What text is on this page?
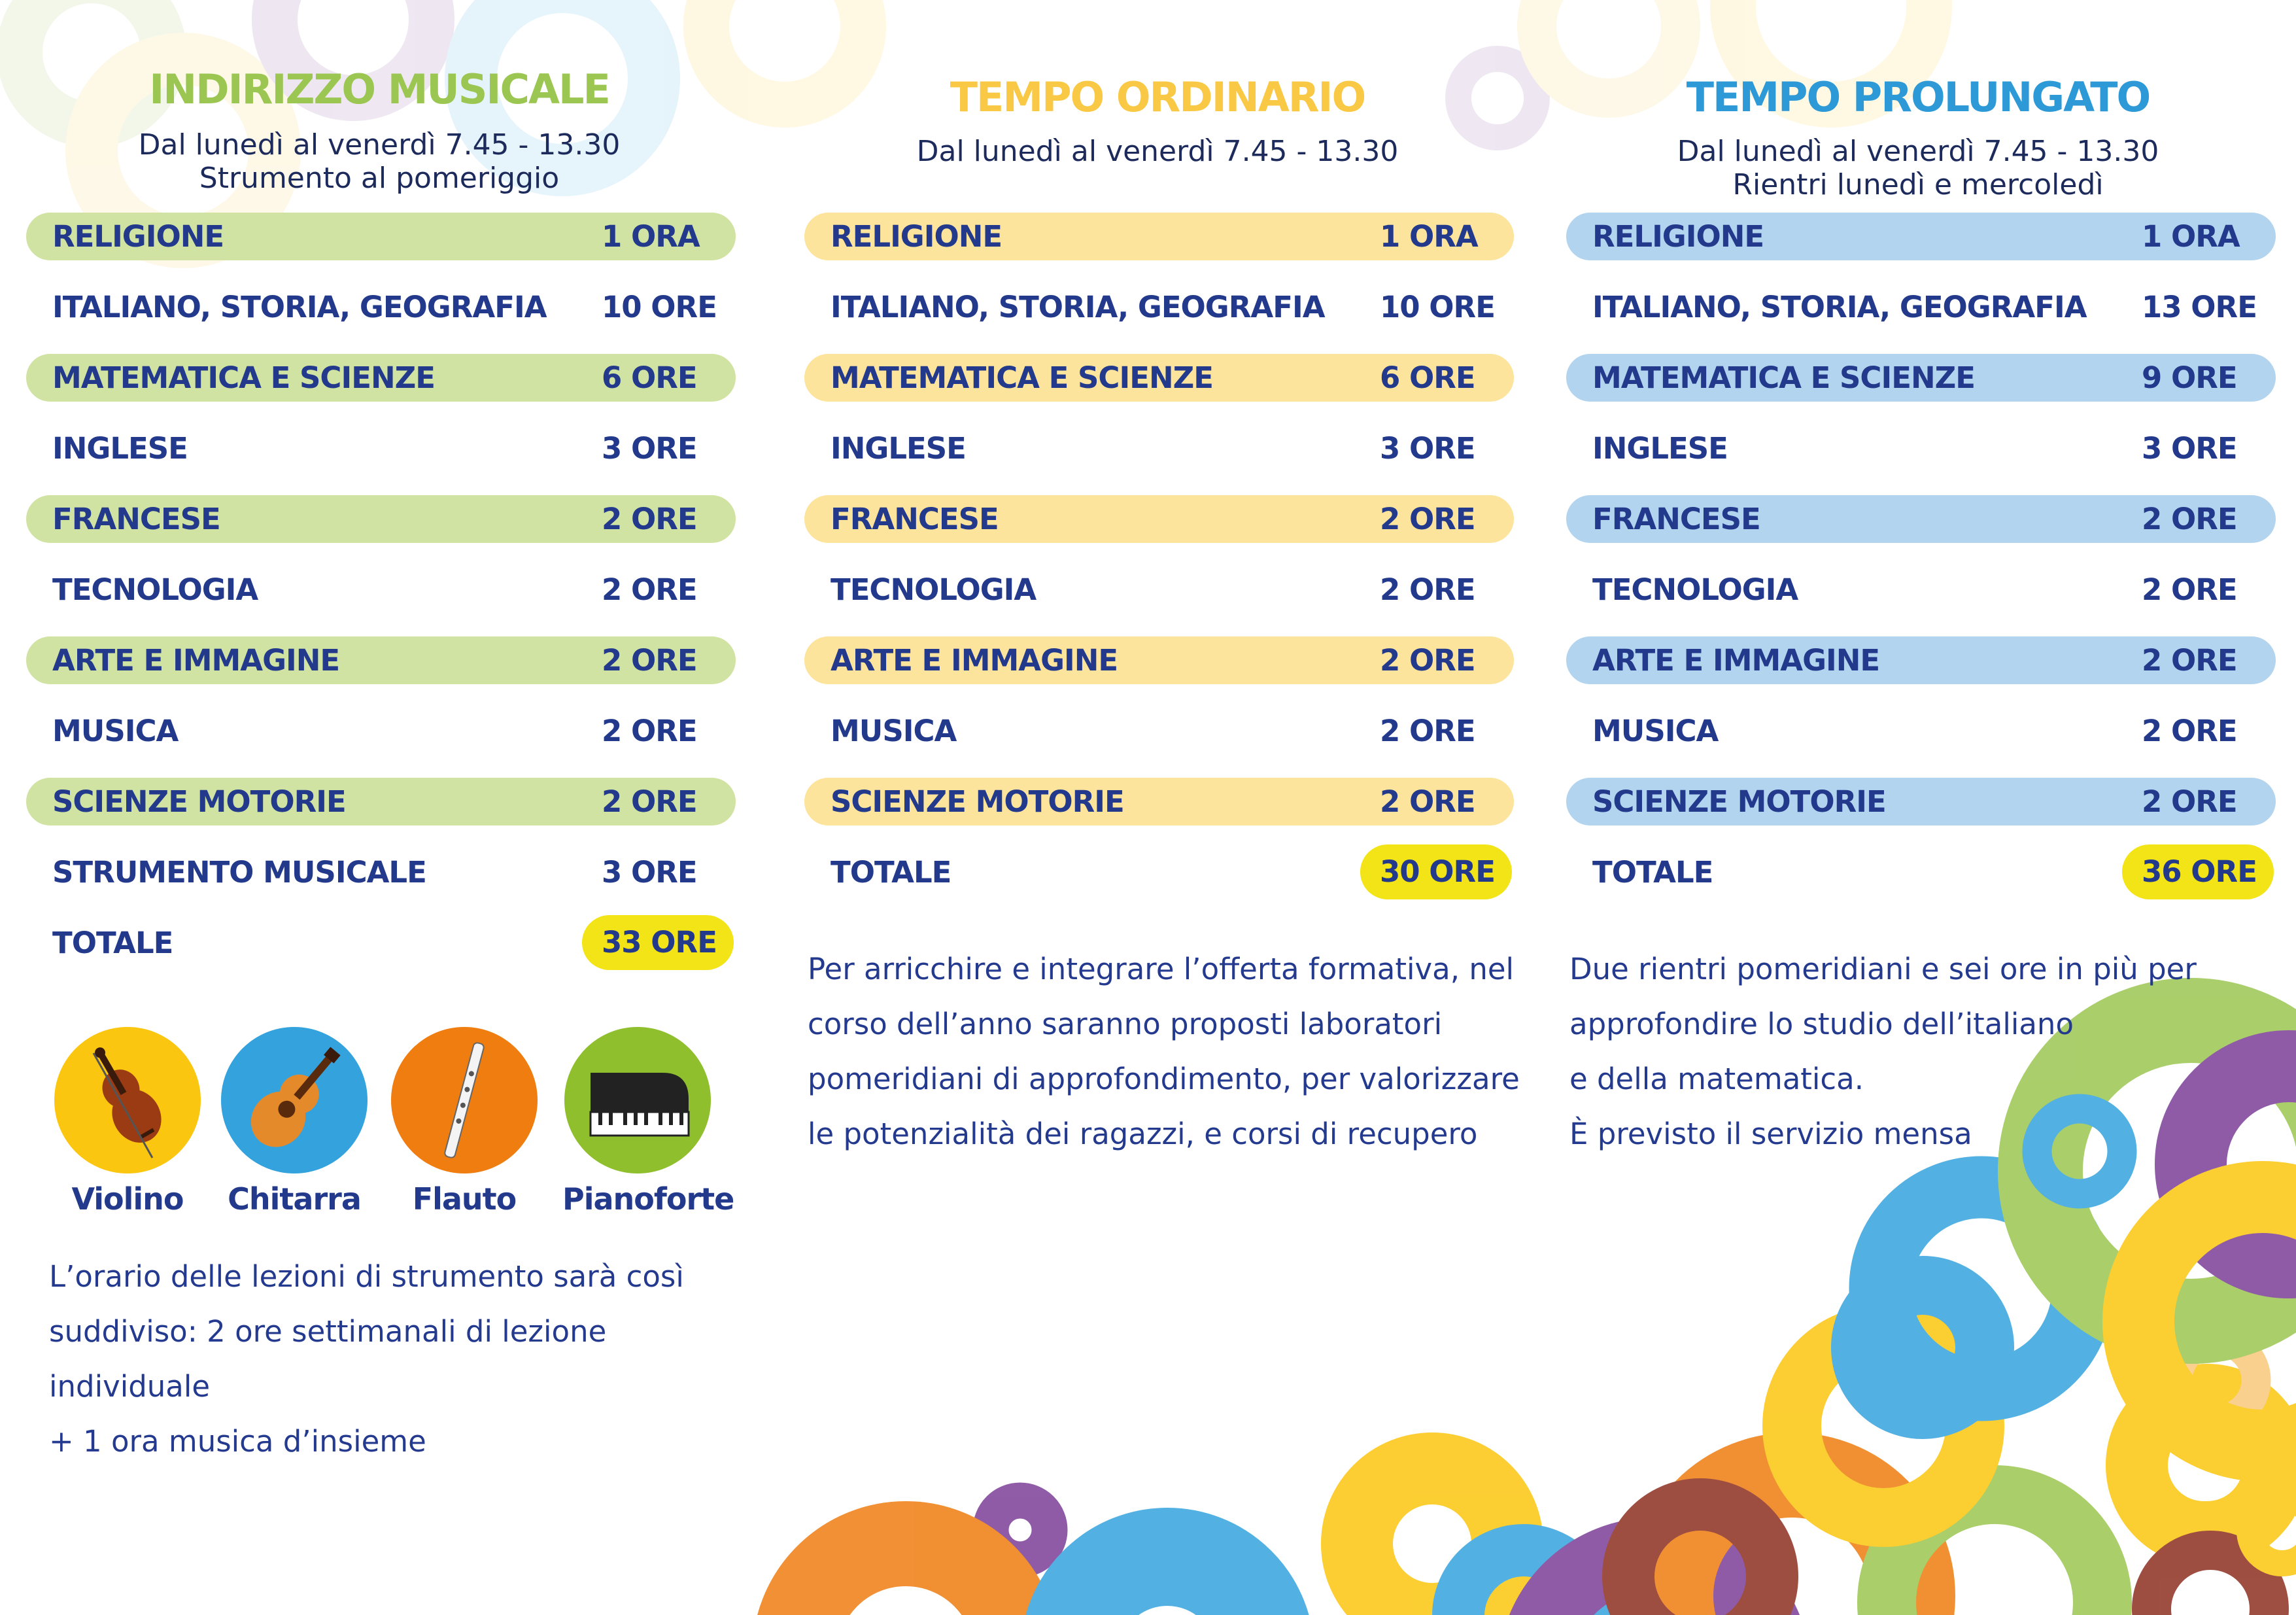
INDIRIZZO MUSICALE
Dal lunedì al venerdì 7.45 - 13.30
Strumento al pomeriggio
RELIGIONE	1 ORA
ITALIANO, STORIA, GEOGRAFIA 10 ORE
MATEMATICA E SCIENZE	6 ORE
INGLESE	3 ORE
FRANCESE	2 ORE
TECNOLOGIA	2 ORE
ARTE E IMMAGINE	2 ORE
MUSICA	2 ORE
SCIENZE MOTORIE	2 ORE
STRUMENTO MUSICALE	3 ORE
TOTALE	33 ORE
Violino	Chitarra	Flauto	Pianoforte
L’orario delle lezioni di strumento sarà così
suddiviso: 2 ore settimanali di lezione individuale
+ 1 ora musica d’insieme
TEMPO ORDINARIO
Dal lunedì al venerdì 7.45 - 13.30
RELIGIONE	1 ORA
ITALIANO, STORIA, GEOGRAFIA 10 ORE
MATEMATICA E SCIENZE	6 ORE
INGLESE	3 ORE
FRANCESE	2 ORE
TECNOLOGIA	2 ORE
ARTE E IMMAGINE	2 ORE
MUSICA	2 ORE
SCIENZE MOTORIE	2 ORE
TOTALE	30 ORE
Per arricchire e integrare l’offerta formativa, nel
corso dell’anno saranno proposti laboratori
pomeridiani di approfondimento, per valorizzare
le potenzialità dei ragazzi, e corsi di recupero
TEMPO PROLUNGATO
Dal lunedì al venerdì 7.45 - 13.30
Rientri lunedì e mercoledì
RELIGIONE	1 ORA
ITALIANO, STORIA, GEOGRAFIA 13 ORE
MATEMATICA E SCIENZE	9 ORE
INGLESE	3 ORE
FRANCESE	2 ORE
TECNOLOGIA	2 ORE
ARTE E IMMAGINE	2 ORE
MUSICA	2 ORE
SCIENZE MOTORIE	2 ORE
TOTALE	36 ORE
Due rientri pomeridiani e sei ore in più per
approfondire lo studio dell’italiano
e della matematica.
È previsto il servizio mensa
